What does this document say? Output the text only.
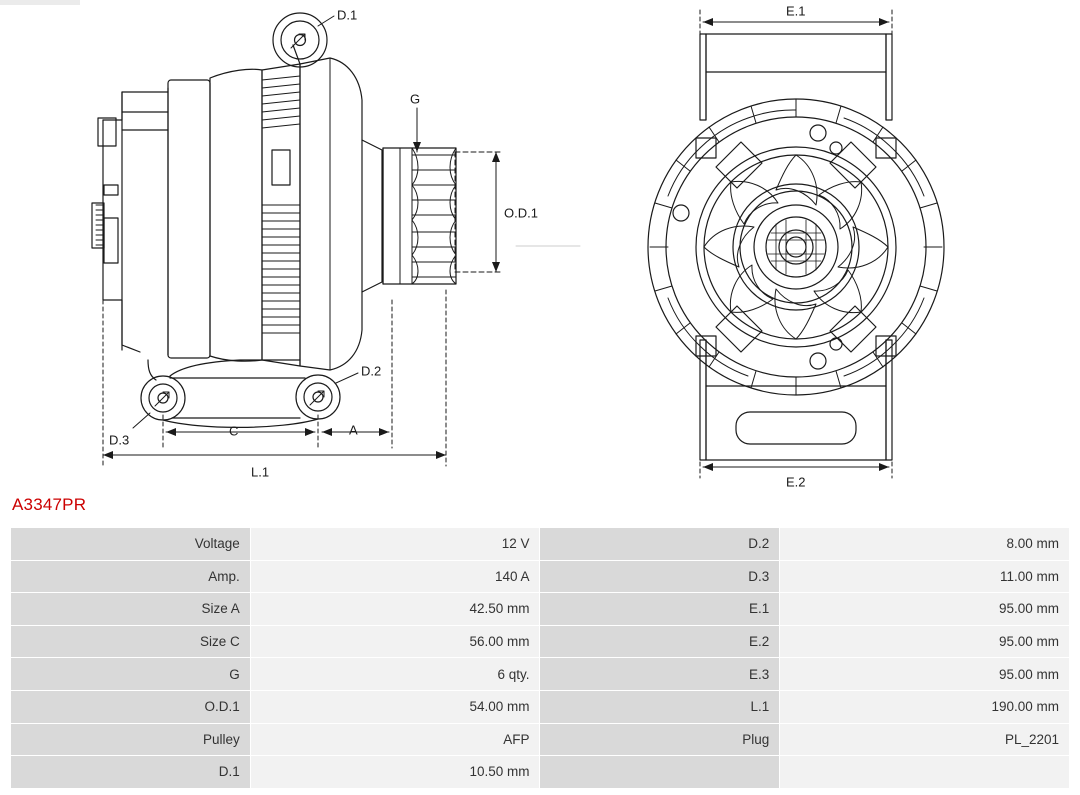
D.1
G
O.D.1
D.2
D.3
C	A
L.1
E.1
E.2
A3347PR
Voltage	12 V	D.2	8.00 mm
Amp.	140 A	D.3	11.00 mm
Size A	42.50 mm	E.1	95.00 mm
Size C	56.00 mm	E.2	95.00 mm
G	6 qty.	E.3	95.00 mm
O.D.1	54.00 mm	L.1	190.00 mm
Pulley	AFP	Plug	PL_2201
D.1	10.50 mm		
